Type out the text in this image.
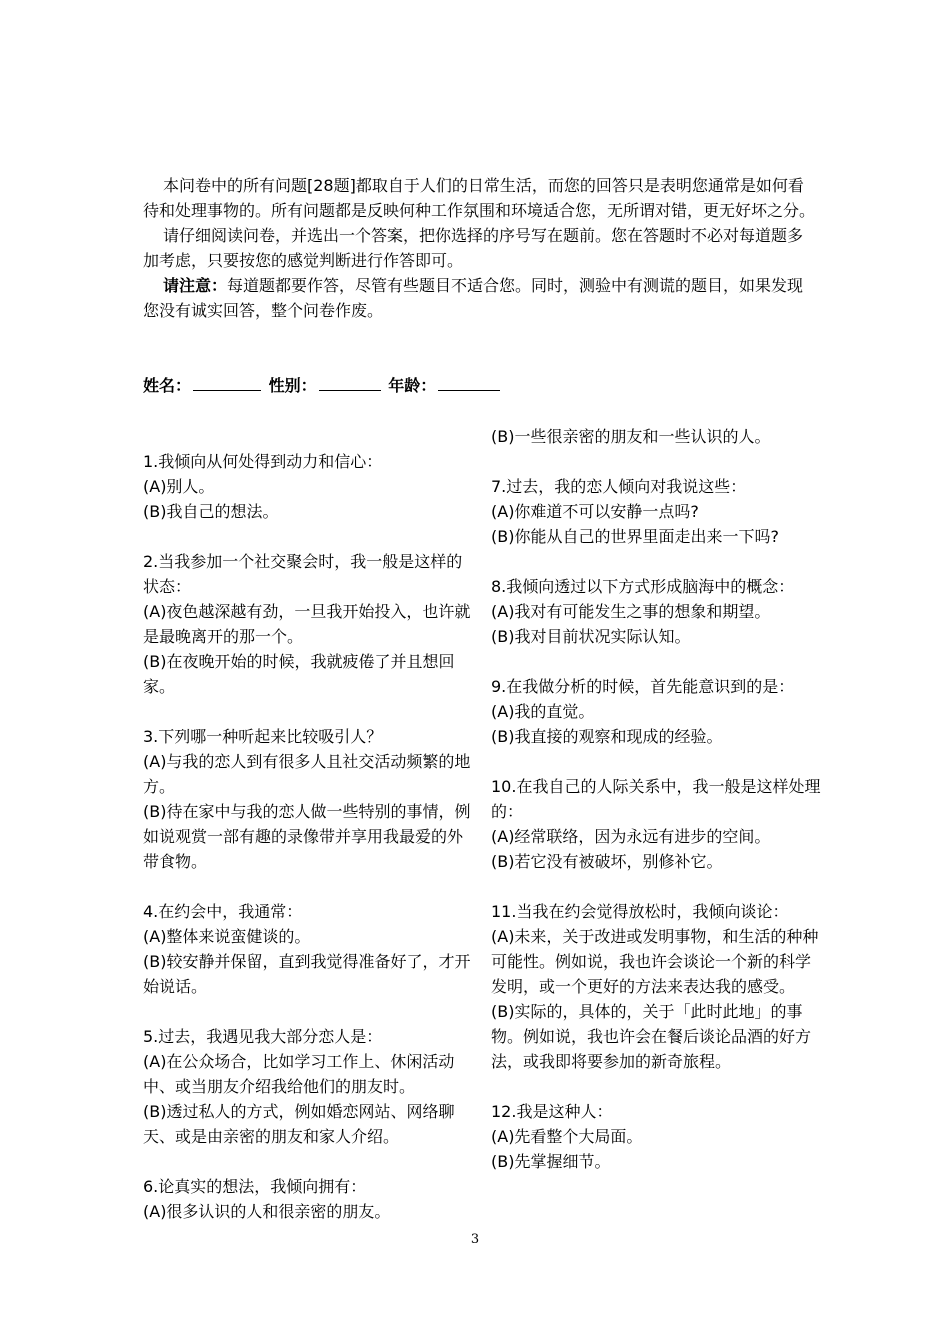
本问卷中的所有问题[28题]都取自于人们的日常生活，而您的回答只是表明您通常是如何看待和处理事物的。所有问题都是反映何种工作氛围和环境适合您，无所谓对错，更无好坏之分。

请仔细阅读问卷，并选出一个答案，把你选择的序号写在题前。您在答题时不必对每道题多加考虑，只要按您的感觉判断进行作答即可。

请注意：每道题都要作答，尽管有些题目不适合您。同时，测验中有测谎的题目，如果发现您没有诚实回答，整个问卷作废。

姓名：	性别：	年龄：
1.我倾向从何处得到动力和信心：
(A)别人。
(B)我自己的想法。
2.当我参加一个社交聚会时，我一般是这样的状态：
(A)夜色越深越有劲，一旦我开始投入，也许就是最晚离开的那一个。
(B)在夜晚开始的时候，我就疲倦了并且想回家。
3.下列哪一种听起来比较吸引人？
(A)与我的恋人到有很多人且社交活动频繁的地方。
(B)待在家中与我的恋人做一些特别的事情，例如说观赏一部有趣的录像带并享用我最爱的外带食物。
4.在约会中，我通常：
(A)整体来说蛮健谈的。
(B)较安静并保留，直到我觉得准备好了，才开始说话。
5.过去，我遇见我大部分恋人是：
(A)在公众场合，比如学习工作上、休闲活动中、或当朋友介绍我给他们的朋友时。
(B)透过私人的方式，例如婚恋网站、网络聊天、或是由亲密的朋友和家人介绍。
6.论真实的想法，我倾向拥有：
(A)很多认识的人和很亲密的朋友。
(B)一些很亲密的朋友和一些认识的人。
7.过去，我的恋人倾向对我说这些：
(A)你难道不可以安静一点吗?
(B)你能从自己的世界里面走出来一下吗?
8.我倾向透过以下方式形成脑海中的概念：
(A)我对有可能发生之事的想象和期望。
(B)我对目前状况实际认知。
9.在我做分析的时候，首先能意识到的是：
(A)我的直觉。
(B)我直接的观察和现成的经验。
10.在我自己的人际关系中，我一般是这样处理的：
(A)经常联络，因为永远有进步的空间。
(B)若它没有被破坏，别修补它。
11.当我在约会觉得放松时，我倾向谈论：
(A)未来，关于改进或发明事物，和生活的种种可能性。例如说，我也许会谈论一个新的科学发明，或一个更好的方法来表达我的感受。
(B)实际的，具体的，关于「此时此地」的事物。例如说，我也许会在餐后谈论品酒的好方法，或我即将要参加的新奇旅程。
12.我是这种人：
(A)先看整个大局面。
(B)先掌握细节。
3
